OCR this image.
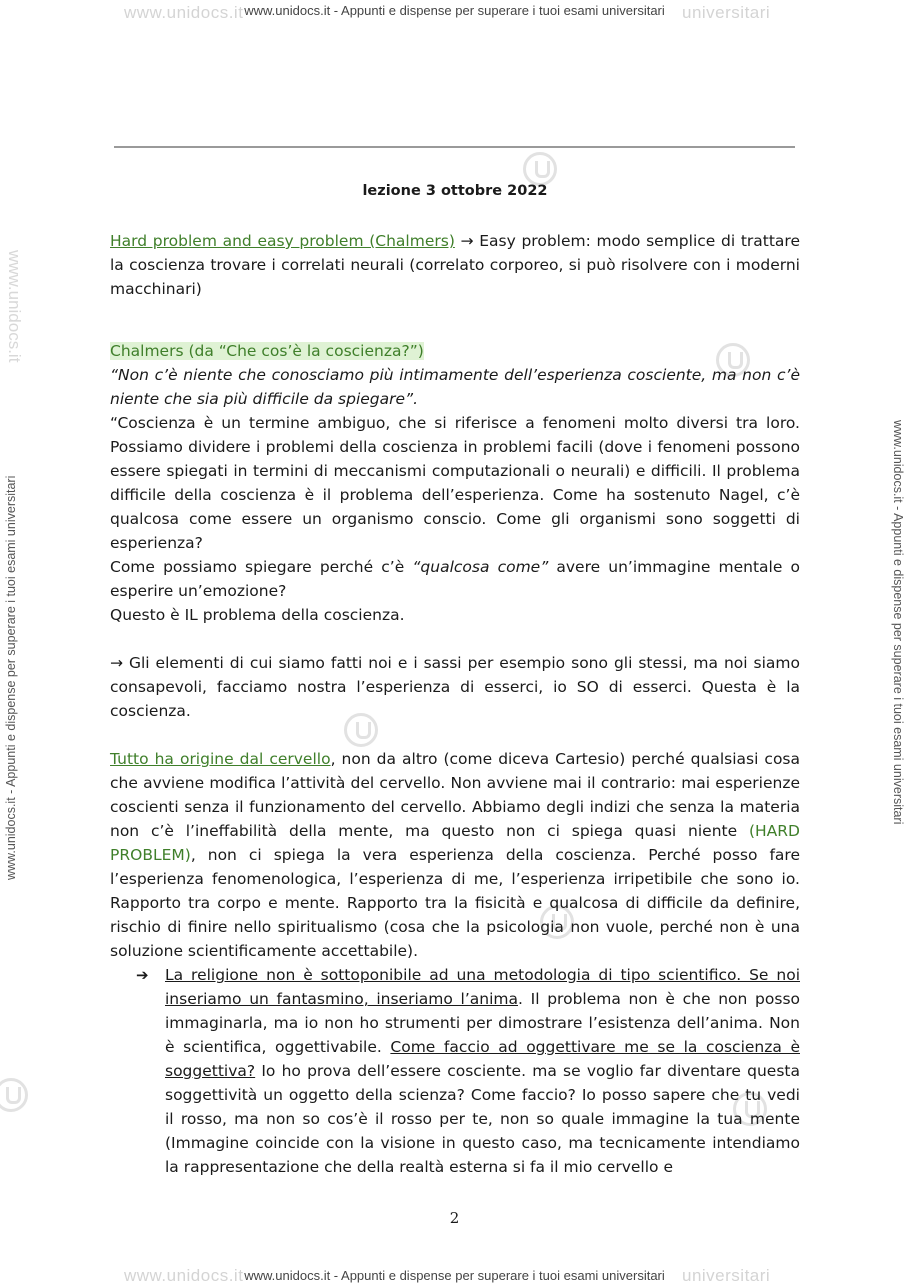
www.unidocs.it	universitari
www.unidocs.it - Appunti e dispense per superare i tuoi esami universitari
www.unidocs.it	universitari
www.unidocs.it - Appunti e dispense per superare i tuoi esami universitari
www.unidocs.it - Appunti e dispense per superare i tuoi esami universitari	www.unidocs.it - Appunti e dispense per superare i tuoi esami universitari
www.unidocs.it
lezione 3 ottobre 2022

Hard problem and easy problem (Chalmers) → Easy problem: modo semplice di trattare la coscienza trovare i correlati neurali (correlato corporeo, si può risolvere con i moderni macchinari)

Chalmers (da “Che cos’è la coscienza?”)

“Non c’è niente che conosciamo più intimamente dell’esperienza cosciente, ma non c’è niente che sia più difficile da spiegare”.

“Coscienza è un termine ambiguo, che si riferisce a fenomeni molto diversi tra loro. Possiamo dividere i problemi della coscienza in problemi facili (dove i fenomeni possono essere spiegati in termini di meccanismi computazionali o neurali) e difficili. Il problema difficile della coscienza è il problema dell’esperienza. Come ha sostenuto Nagel, c’è qualcosa come essere un organismo conscio. Come gli organismi sono soggetti di esperienza?

Come possiamo spiegare perché c’è “qualcosa come” avere un’immagine mentale o esperire un’emozione?

Questo è IL problema della coscienza.

→ Gli elementi di cui siamo fatti noi e i sassi per esempio sono gli stessi, ma noi siamo consapevoli, facciamo nostra l’esperienza di esserci, io SO di esserci. Questa è la coscienza.

Tutto ha origine dal cervello, non da altro (come diceva Cartesio) perché qualsiasi cosa che avviene modifica l’attività del cervello. Non avviene mai il contrario: mai esperienze coscienti senza il funzionamento del cervello. Abbiamo degli indizi che senza la materia non c’è l’ineffabilità della mente, ma questo non ci spiega quasi niente (HARD PROBLEM), non ci spiega la vera esperienza della coscienza. Perché posso fare l’esperienza fenomenologica, l’esperienza di me, l’esperienza irripetibile che sono io. Rapporto tra corpo e mente. Rapporto tra la fisicità e qualcosa di difficile da definire, rischio di finire nello spiritualismo (cosa che la psicologia non vuole, perché non è una soluzione scientificamente accettabile).

➔ La religione non è sottoponibile ad una metodologia di tipo scientifico. Se noi inseriamo un fantasmino, inseriamo l’anima. Il problema non è che non posso immaginarla, ma io non ho strumenti per dimostrare l’esistenza dell’anima. Non è scientifica, oggettivabile. Come faccio ad oggettivare me se la coscienza è soggettiva? Io ho prova dell’essere cosciente. ma se voglio far diventare questa soggettività un oggetto della scienza? Come faccio? Io posso sapere che tu vedi il rosso, ma non so cos’è il rosso per te, non so quale immagine la tua mente (Immagine coincide con la visione in questo caso, ma tecnicamente intendiamo la rappresentazione che della realtà esterna si fa il mio cervello e
2
